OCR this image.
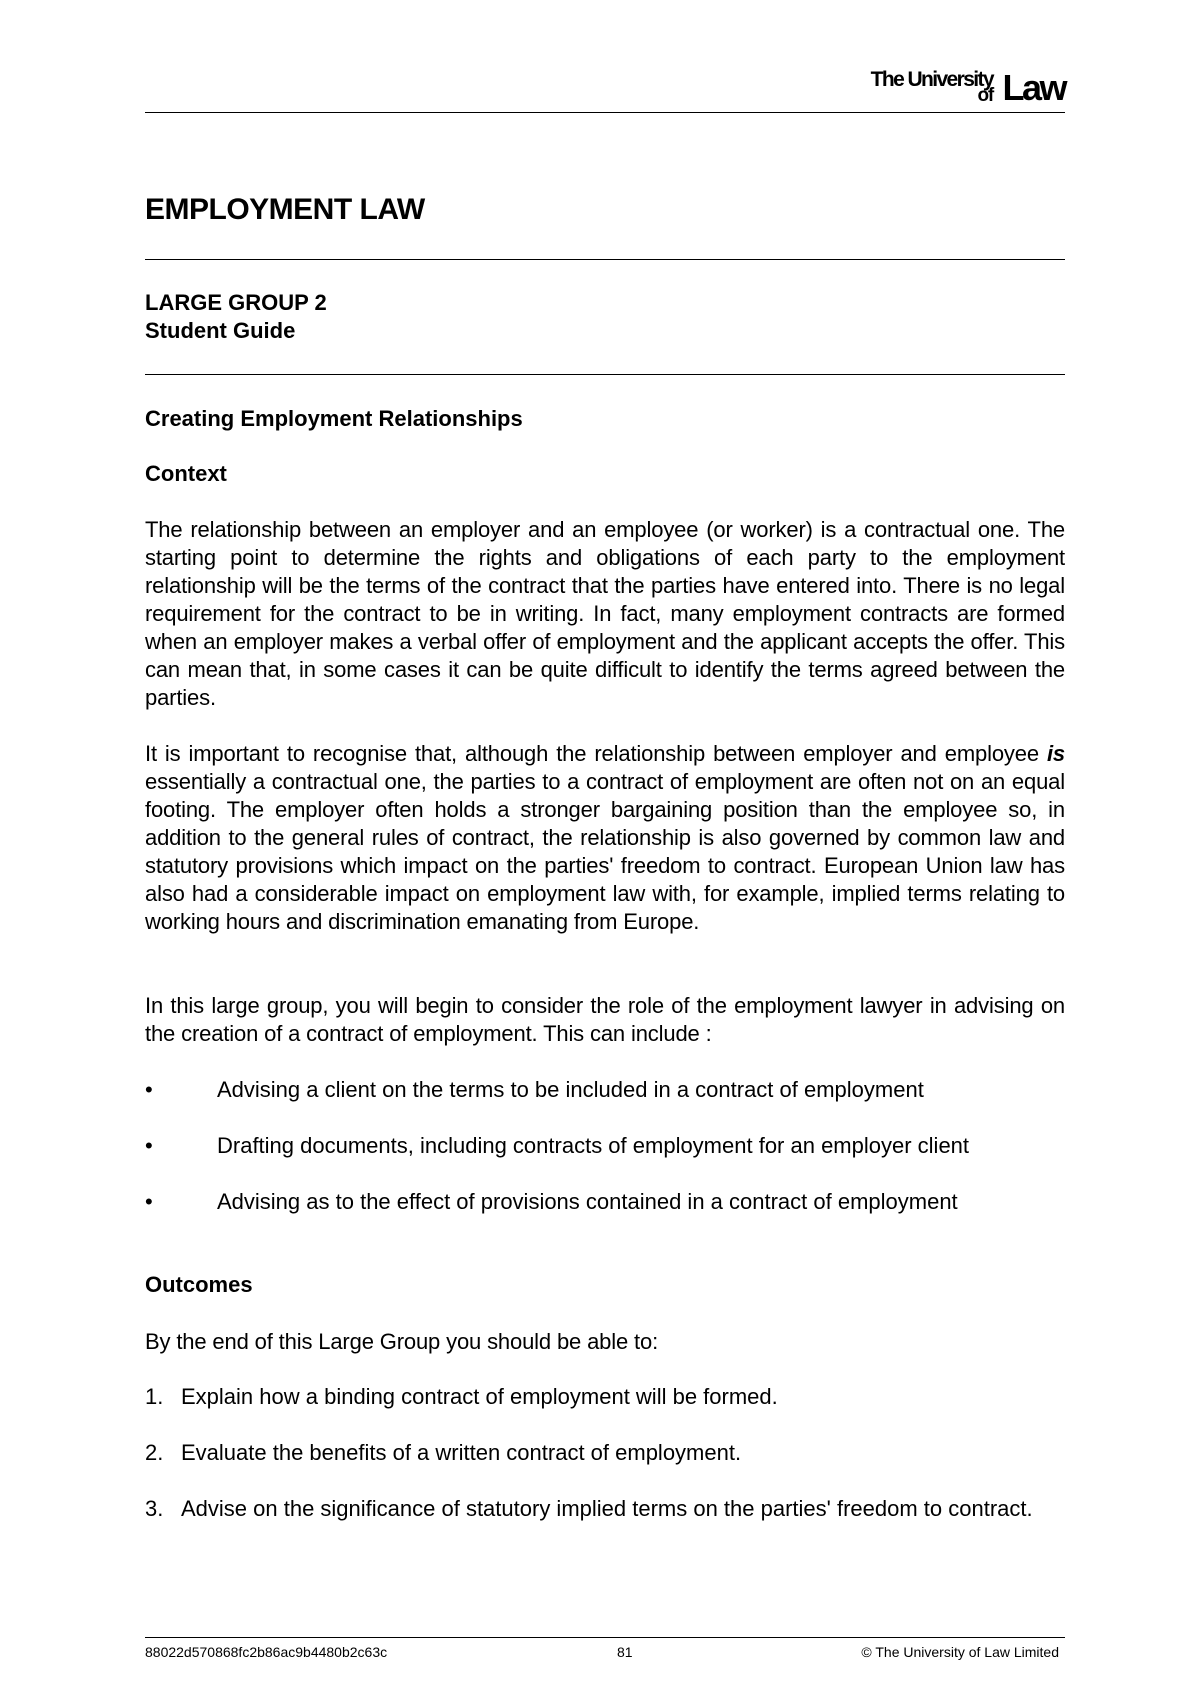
The University
of Law
EMPLOYMENT LAW
LARGE GROUP 2
Student Guide
Creating Employment Relationships
Context

The relationship between an employer and an employee (or worker) is a contractual one. The starting point to determine the rights and obligations of each party to the employment relationship will be the terms of the contract that the parties have entered into. There is no legal requirement for the contract to be in writing. In fact, many employment contracts are formed when an employer makes a verbal offer of employment and the applicant accepts the offer. This can mean that, in some cases it can be quite difficult to identify the terms agreed between the parties.

It is important to recognise that, although the relationship between employer and employee is essentially a contractual one, the parties to a contract of employment are often not on an equal footing. The employer often holds a stronger bargaining position than the employee so, in addition to the general rules of contract, the relationship is also governed by common law and statutory provisions which impact on the parties' freedom to contract. European Union law has also had a considerable impact on employment law with, for example, implied terms relating to working hours and discrimination emanating from Europe.

In this large group, you will begin to consider the role of the employment lawyer in advising on the creation of a contract of employment. This can include :

•	Advising a client on the terms to be included in a contract of employment
•	Drafting documents, including contracts of employment for an employer client
•	Advising as to the effect of provisions contained in a contract of employment
Outcomes
By the end of this Large Group you should be able to:
1. Explain how a binding contract of employment will be formed.
2. Evaluate the benefits of a written contract of employment.
3. Advise on the significance of statutory implied terms on the parties' freedom to contract.
88022d570868fc2b86ac9b4480b2c63c	81	© The University of Law Limited
